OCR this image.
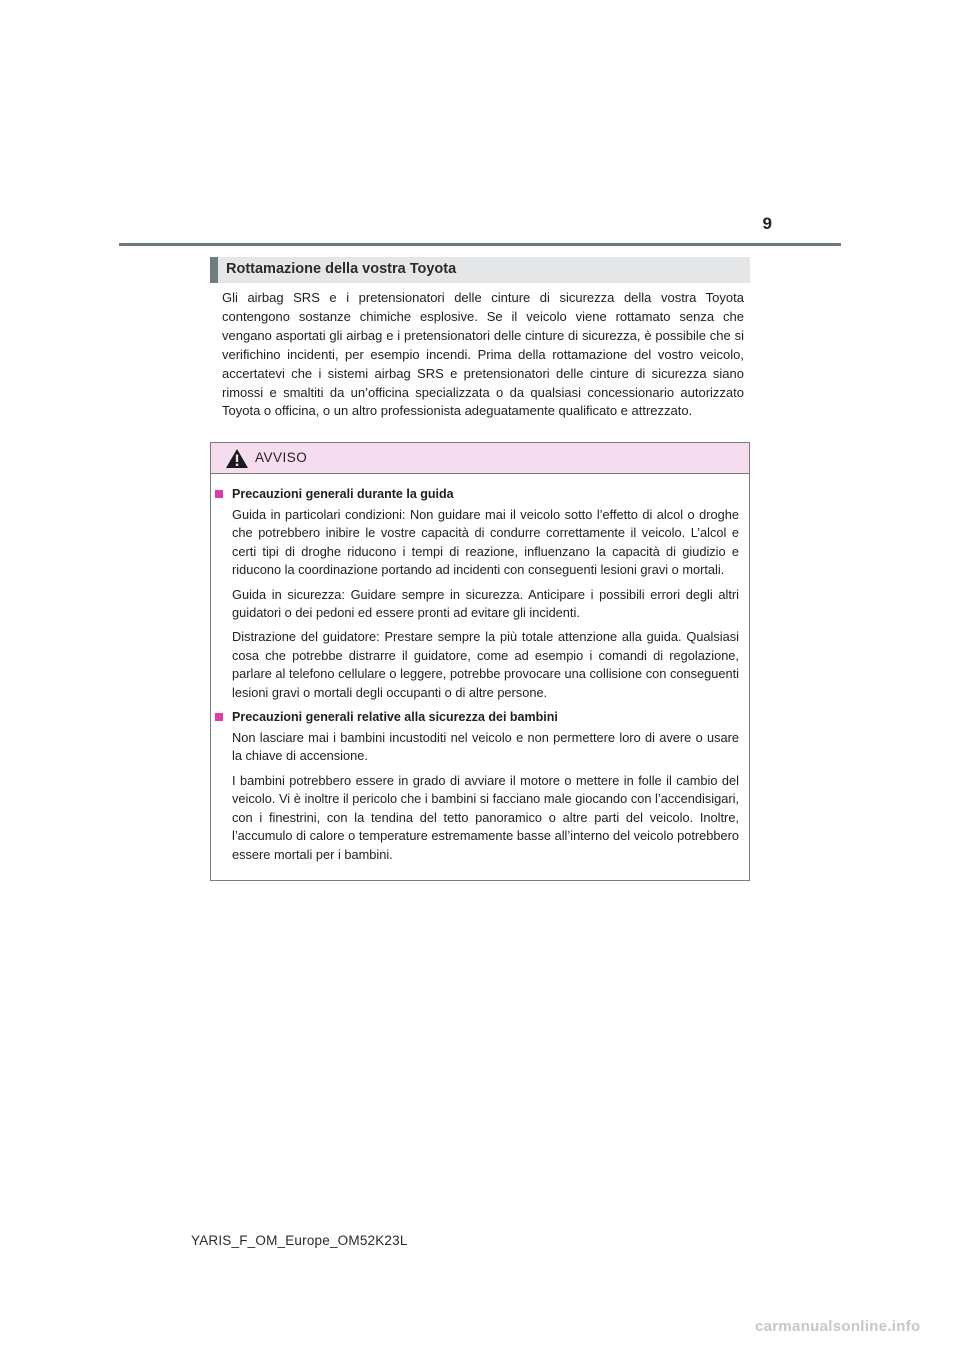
9
Rottamazione della vostra Toyota
Gli airbag SRS e i pretensionatori delle cinture di sicurezza della vostra Toyota contengono sostanze chimiche esplosive. Se il veicolo viene rottamato senza che vengano asportati gli airbag e i pretensionatori delle cinture di sicurezza, è possibile che si verifichino incidenti, per esempio incendi. Prima della rottamazione del vostro veicolo, accertatevi che i sistemi airbag SRS e pretensionatori delle cinture di sicurezza siano rimossi e smaltiti da un’officina specializzata o da qualsiasi concessionario autorizzato Toyota o officina, o un altro professionista adeguatamente qualificato e attrezzato.
AVVISO
Precauzioni generali durante la guida

Guida in particolari condizioni: Non guidare mai il veicolo sotto l’effetto di alcol o droghe che potrebbero inibire le vostre capacità di condurre correttamente il veicolo. L’alcol e certi tipi di droghe riducono i tempi di reazione, influenzano la capacità di giudizio e riducono la coordinazione portando ad incidenti con conseguenti lesioni gravi o mortali.

Guida in sicurezza: Guidare sempre in sicurezza. Anticipare i possibili errori degli altri guidatori o dei pedoni ed essere pronti ad evitare gli incidenti.

Distrazione del guidatore: Prestare sempre la più totale attenzione alla guida. Qualsiasi cosa che potrebbe distrarre il guidatore, come ad esempio i comandi di regolazione, parlare al telefono cellulare o leggere, potrebbe provocare una collisione con conseguenti lesioni gravi o mortali degli occupanti o di altre persone.

Precauzioni generali relative alla sicurezza dei bambini

Non lasciare mai i bambini incustoditi nel veicolo e non permettere loro di avere o usare la chiave di accensione.

I bambini potrebbero essere in grado di avviare il motore o mettere in folle il cambio del veicolo. Vi è inoltre il pericolo che i bambini si facciano male giocando con l’accendisigari, con i finestrini, con la tendina del tetto panoramico o altre parti del veicolo. Inoltre, l’accumulo di calore o temperature estremamente basse all’interno del veicolo potrebbero essere mortali per i bambini.

YARIS_F_OM_Europe_OM52K23L
carmanualsonline.info
